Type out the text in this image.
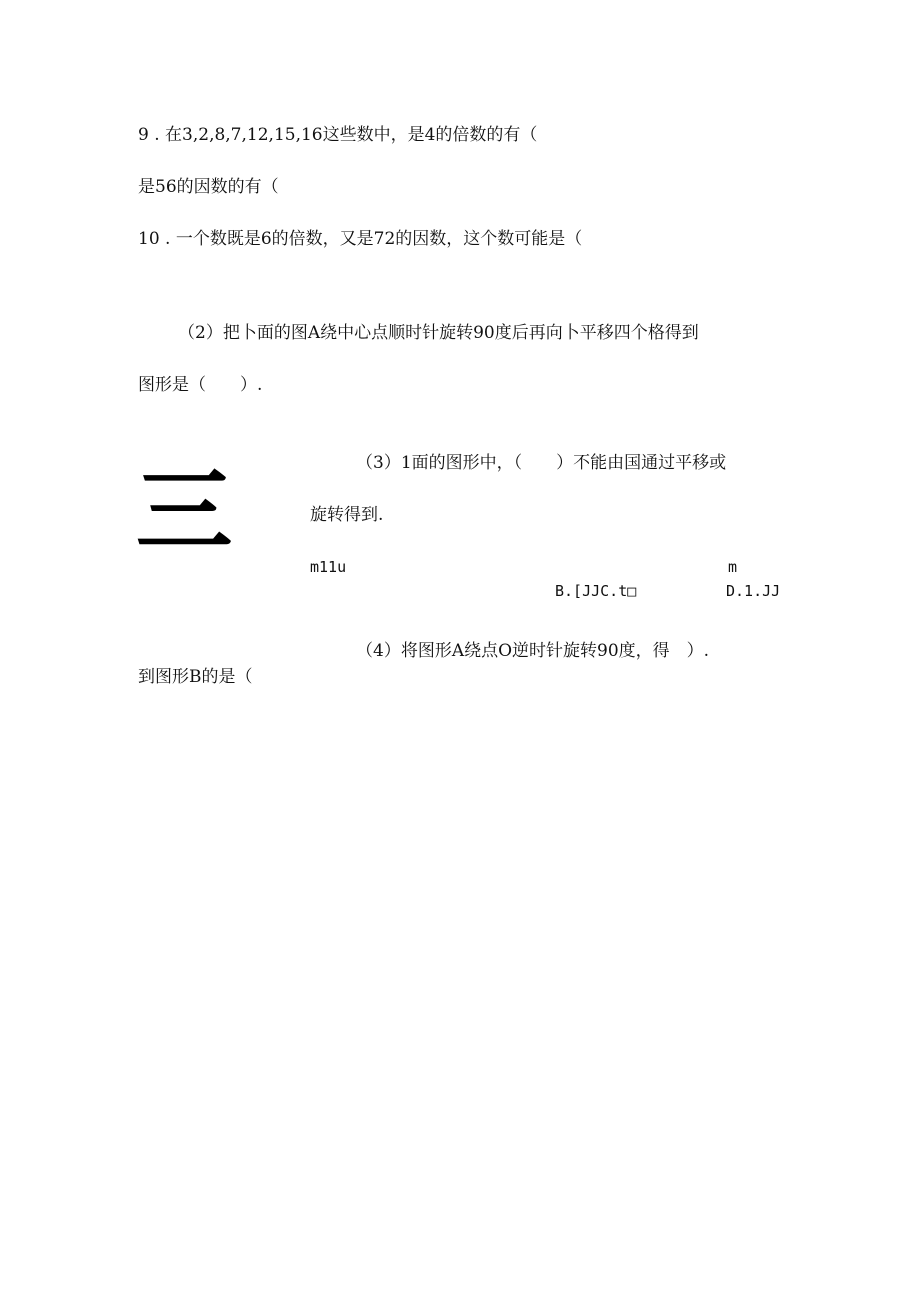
9 . 在3,2,8,7,12,15,16这些数中，是4的倍数的有（
是56的因数的有（
10 . 一个数既是6的倍数，又是72的因数，这个数可能是（
（2）把卜面的图A绕中心点顺时针旋转90度后再向卜平移四个格得到
图形是（　　）.
三	（3）1面的图形中，（　　）不能由国通过平移或
旋转得到.
m11u	m
B.[JJC.t□	D.1.JJ
（4）将图形A绕点O逆时针旋转90度，得　）.
到图形B的是（
